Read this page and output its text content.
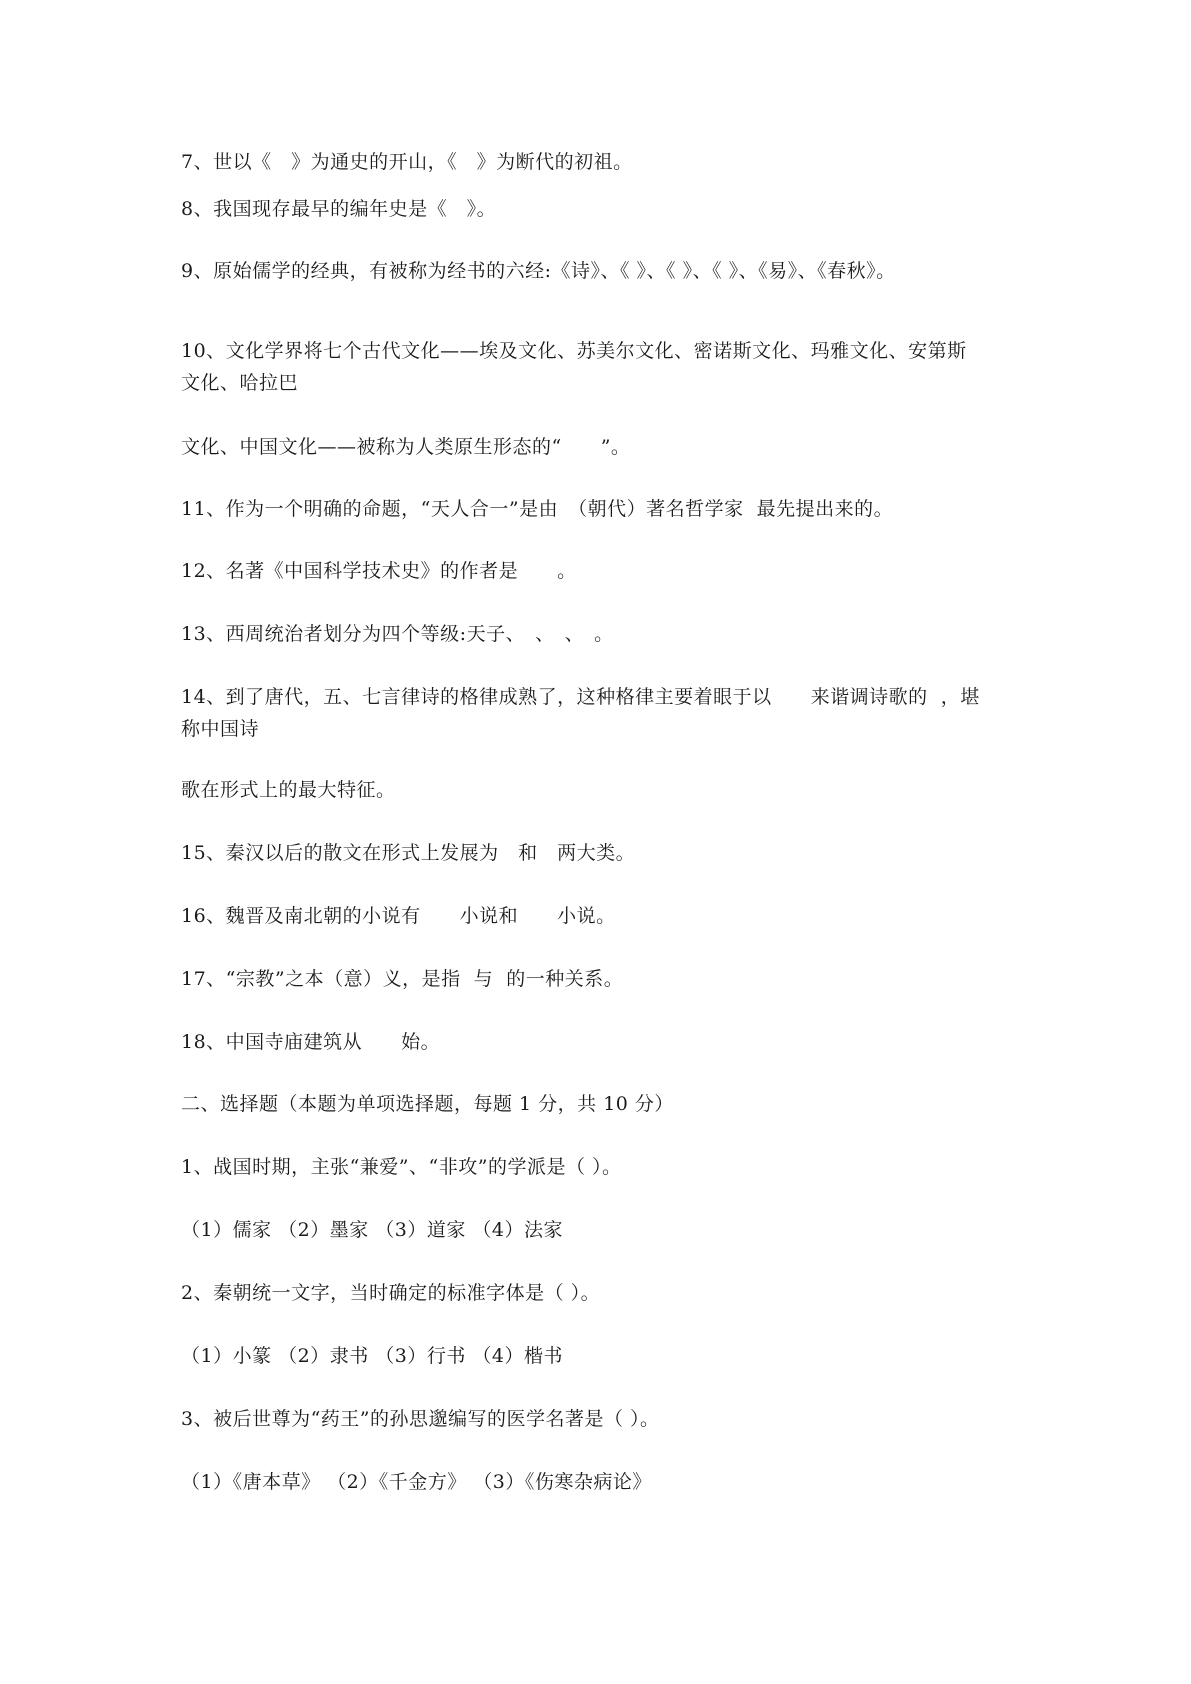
7、世以《　》为通史的开山，《　》为断代的初祖。
8、我国现存最早的编年史是《　》。
9、原始儒学的经典，有被称为经书的六经:《诗》、《 》、《 》、《 》、《易》、《春秋》。
10、文化学界将七个古代文化——埃及文化、苏美尔文化、密诺斯文化、玛雅文化、安第斯
文化、哈拉巴
文化、中国文化——被称为人类原生形态的“　　”。
11、作为一个明确的命题，“天人合一”是由　（朝代）著名哲学家  最先提出来的。
12、名著《中国科学技术史》的作者是　　。
13、西周统治者划分为四个等级:天子、　、　、　。
14、到了唐代，五、七言律诗的格律成熟了，这种格律主要着眼于以　　来谐调诗歌的  ，堪
称中国诗
歌在形式上的最大特征。
15、秦汉以后的散文在形式上发展为　和　两大类。
16、魏晋及南北朝的小说有　　小说和　　小说。
17、“宗教”之本（意）义，是指  与  的一种关系。
18、中国寺庙建筑从　　始。
二、选择题（本题为单项选择题，每题 1 分，共 10 分）
1、战国时期，主张“兼爱”、“非攻”的学派是（ ）。
（1）儒家 （2）墨家 （3）道家 （4）法家
2、秦朝统一文字，当时确定的标准字体是（ ）。
（1）小篆 （2）隶书 （3）行书 （4）楷书
3、被后世尊为“药王”的孙思邈编写的医学名著是（ ）。
（1）《唐本草》 （2）《千金方》 （3）《伤寒杂病论》
